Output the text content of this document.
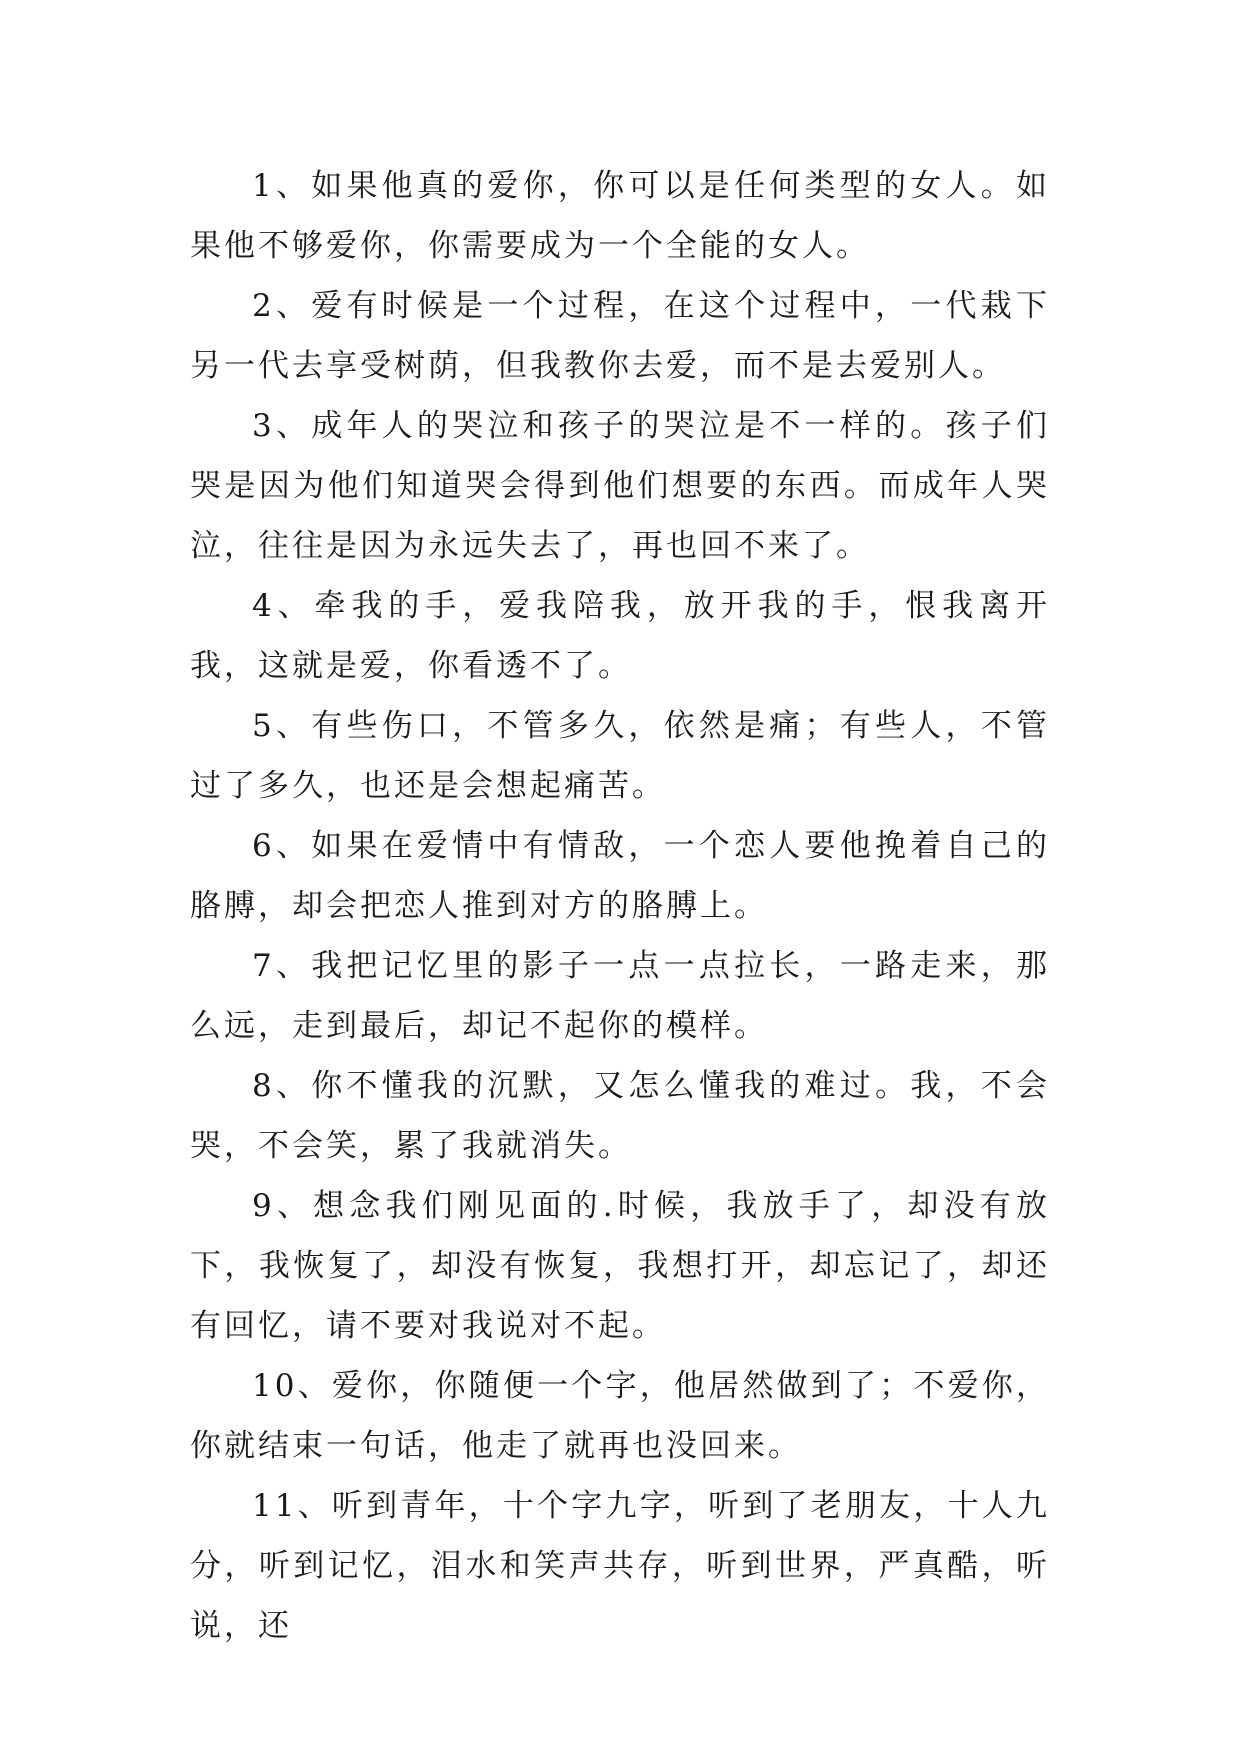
1、如果他真的爱你，你可以是任何类型的女人。如果他不够爱你，你需要成为一个全能的女人。

2、爱有时候是一个过程，在这个过程中，一代栽下另一代去享受树荫，但我教你去爱，而不是去爱别人。

3、成年人的哭泣和孩子的哭泣是不一样的。孩子们哭是因为他们知道哭会得到他们想要的东西。而成年人哭泣，往往是因为永远失去了，再也回不来了。

4、牵我的手，爱我陪我，放开我的手，恨我离开我，这就是爱，你看透不了。

5、有些伤口，不管多久，依然是痛；有些人，不管过了多久，也还是会想起痛苦。

6、如果在爱情中有情敌，一个恋人要他挽着自己的胳膊，却会把恋人推到对方的胳膊上。

7、我把记忆里的影子一点一点拉长，一路走来，那么远，走到最后，却记不起你的模样。

8、你不懂我的沉默，又怎么懂我的难过。我，不会哭，不会笑，累了我就消失。

9、想念我们刚见面的.时候，我放手了，却没有放下，我恢复了，却没有恢复，我想打开，却忘记了，却还有回忆，请不要对我说对不起。

10、爱你，你随便一个字，他居然做到了；不爱你，你就结束一句话，他走了就再也没回来。

11、听到青年，十个字九字，听到了老朋友，十人九分，听到记忆，泪水和笑声共存，听到世界，严真酷，听说，还
